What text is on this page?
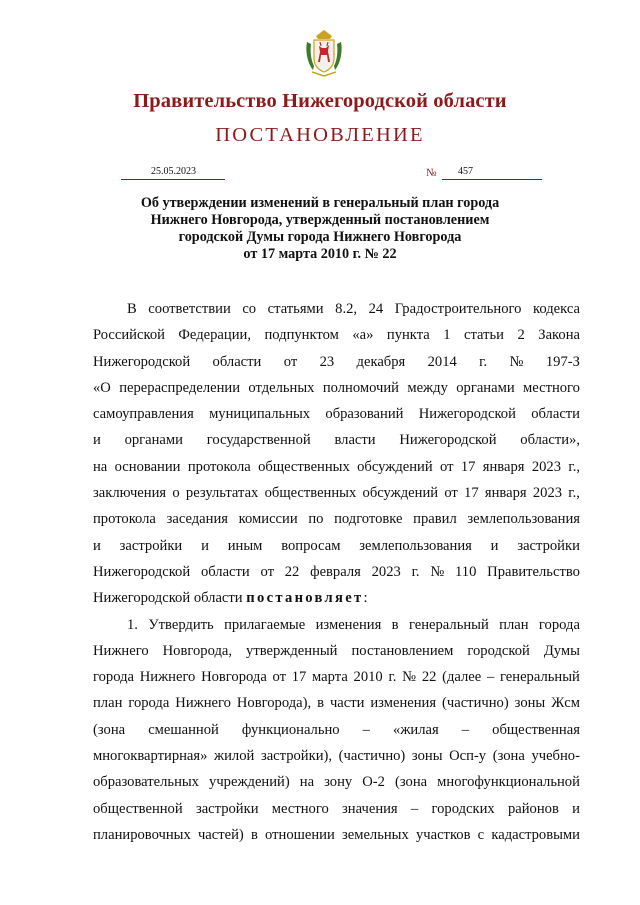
Правительство Нижегородской области
ПОСТАНОВЛЕНИЕ
25.05.2023	№ 457
Об утверждении изменений в генеральный план города
Нижнего Новгорода, утвержденный постановлением
городской Думы города Нижнего Новгорода
от 17 марта 2010 г. № 22
В соответствии со статьями 8.2, 24 Градостроительного кодекса
Российской Федерации, подпунктом «а» пункта 1 статьи 2 Закона
Нижегородской области от 23 декабря 2014 г. № 197-З
«О перераспределении отдельных полномочий между органами местного
самоуправления муниципальных образований Нижегородской области
и органами государственной власти Нижегородской области»,
на основании протокола общественных обсуждений от 17 января 2023 г.,
заключения о результатах общественных обсуждений от 17 января 2023 г.,
протокола заседания комиссии по подготовке правил землепользования
и застройки и иным вопросам землепользования и застройки
Нижегородской области от 22 февраля 2023 г. № 110 Правительство
Нижегородской области
постановляет :
1. Утвердить прилагаемые изменения в генеральный план города
Нижнего Новгорода, утвержденный постановлением городской Думы
города Нижнего Новгорода от 17 марта 2010 г. № 22 (далее – генеральный
план города Нижнего Новгорода), в части изменения (частично) зоны Жсм
(зона смешанной функционально – «жилая – общественная
многоквартирная» жилой застройки), (частично) зоны Осп-у (зона учебно-
образовательных учреждений) на зону О-2 (зона многофункциональной
общественной застройки местного значения – городских районов и
планировочных частей) в отношении земельных участков с кадастровыми
